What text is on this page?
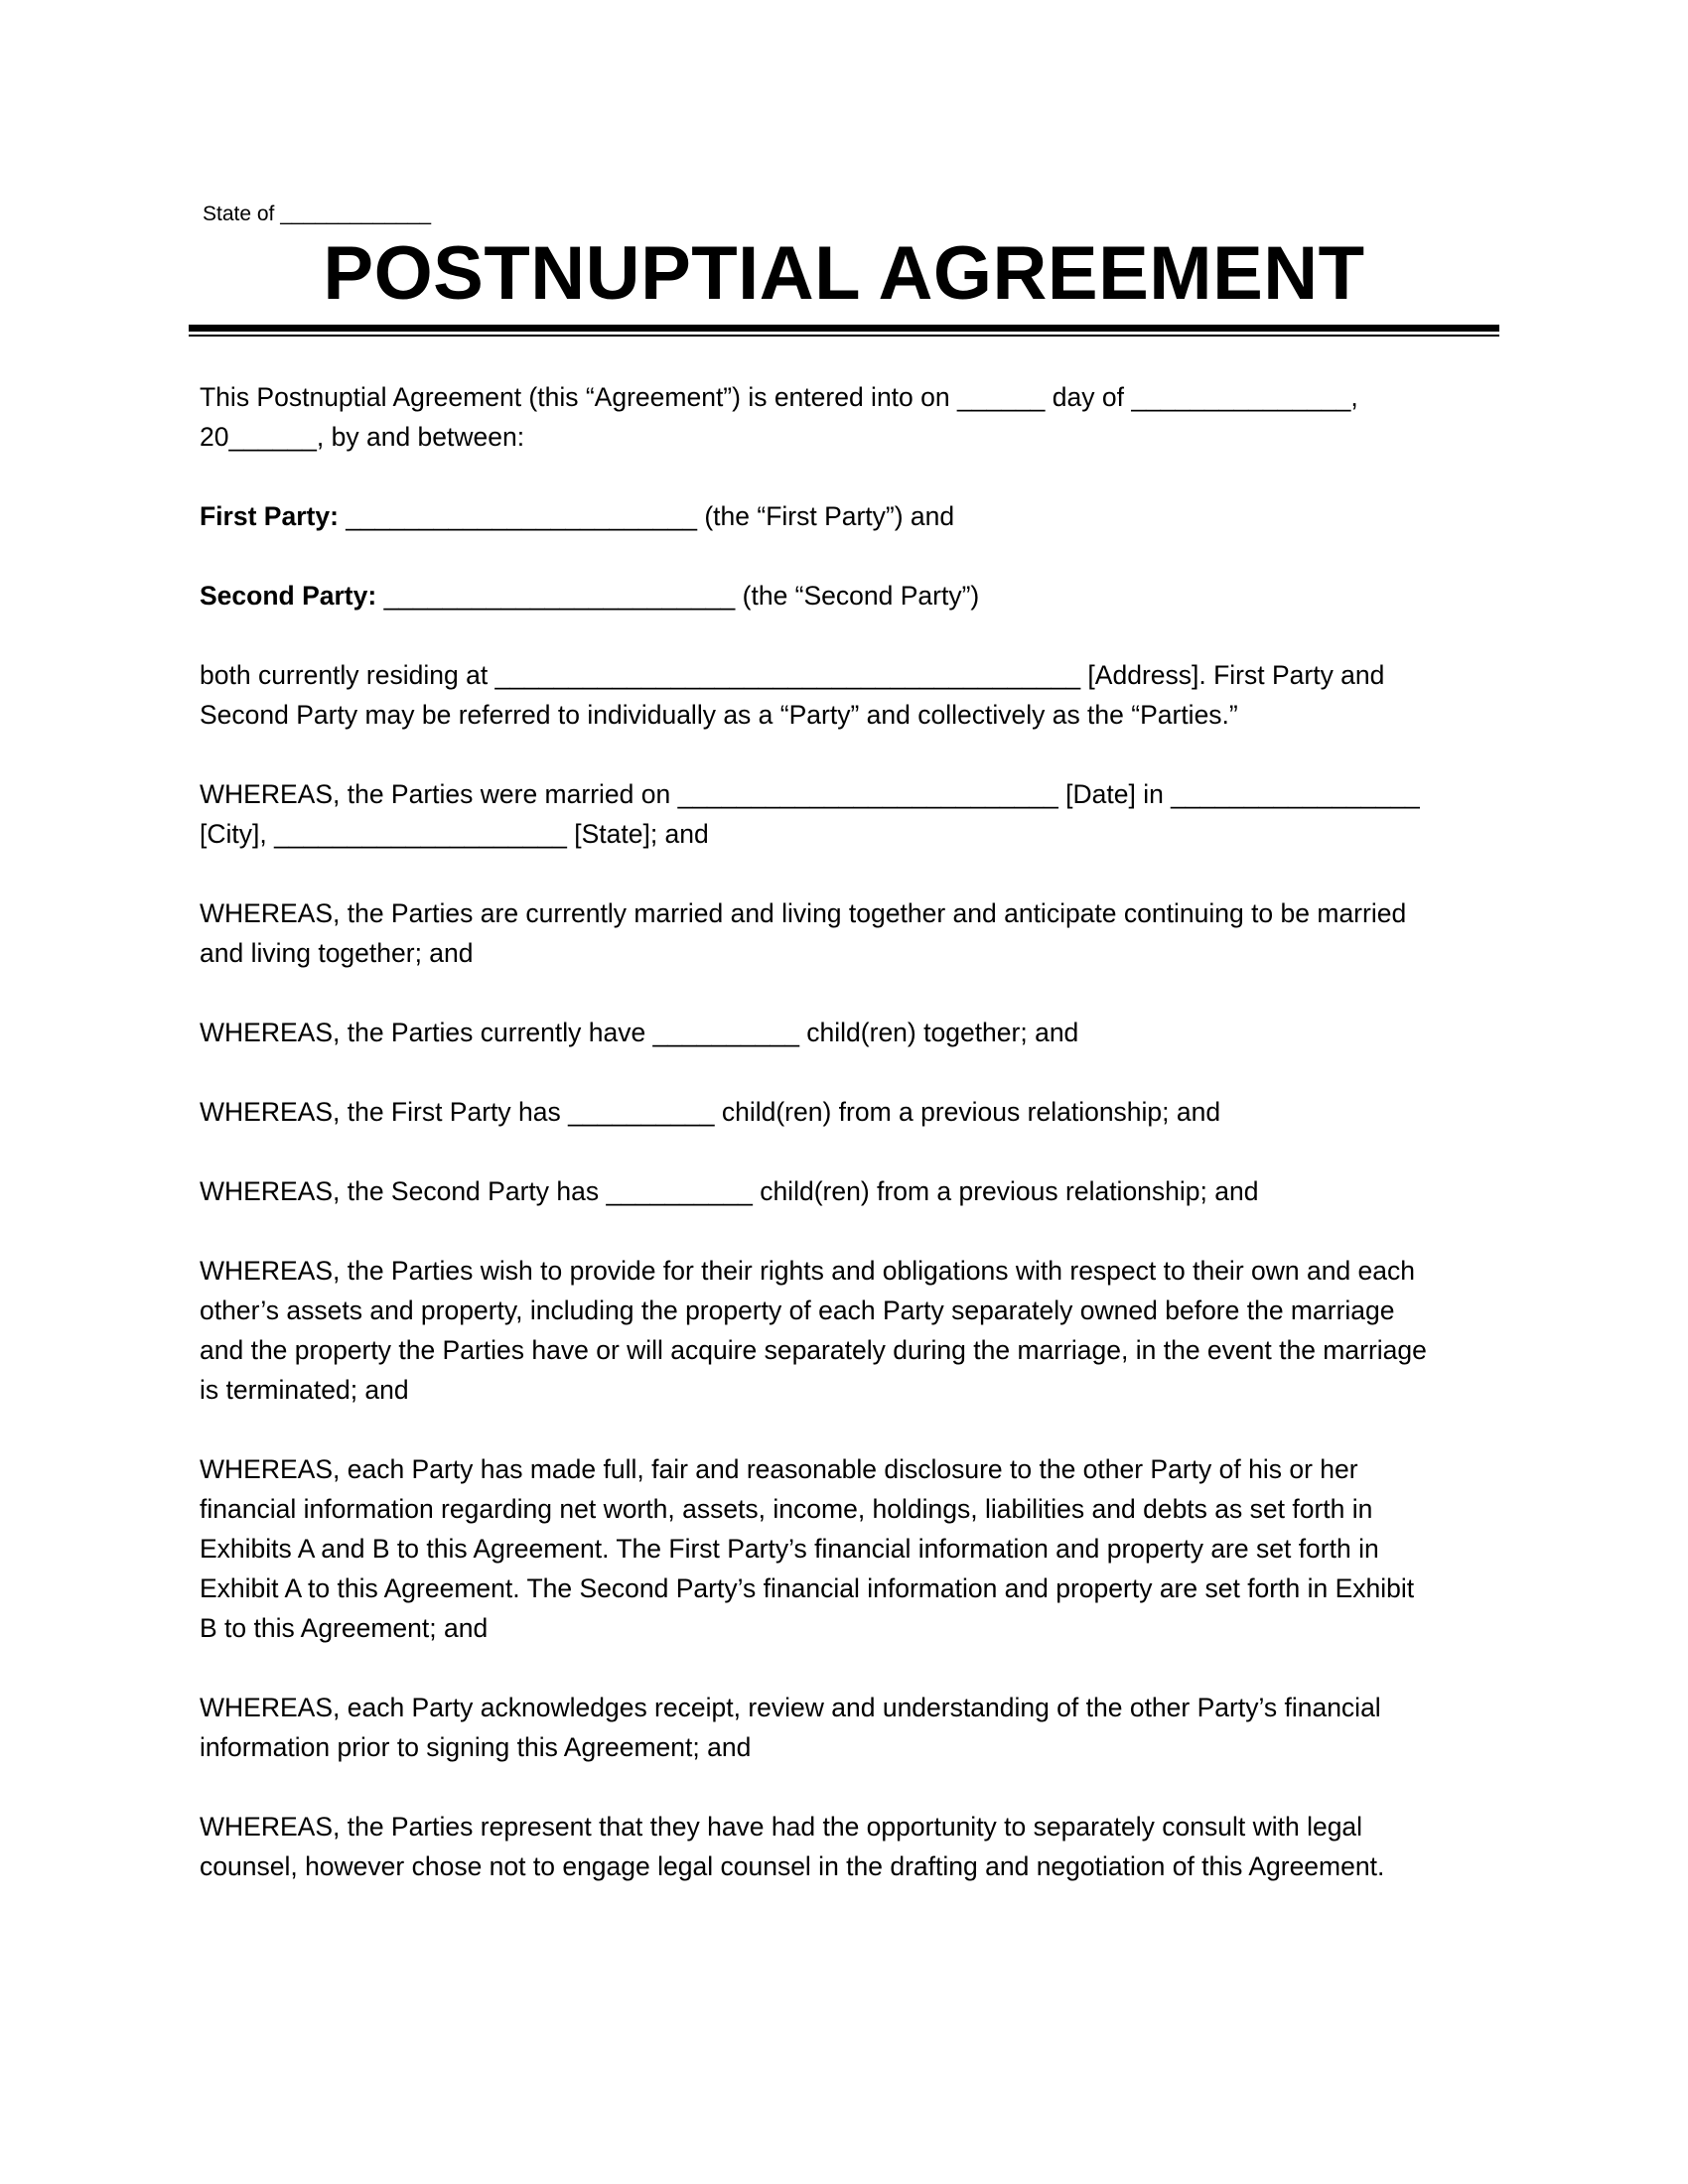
State of _____________
POSTNUPTIAL AGREEMENT

This Postnuptial Agreement (this “Agreement”) is entered into on ______ day of _______________,
20______, by and between:

First Party: ________________________ (the “First Party”) and

Second Party: ________________________ (the “Second Party”)

both currently residing at ________________________________________ [Address]. First Party and
Second Party may be referred to individually as a “Party” and collectively as the “Parties.”

WHEREAS, the Parties were married on __________________________ [Date] in _________________
[City], ____________________ [State]; and

WHEREAS, the Parties are currently married and living together and anticipate continuing to be married
and living together; and

WHEREAS, the Parties currently have __________ child(ren) together; and

WHEREAS, the First Party has __________ child(ren) from a previous relationship; and

WHEREAS, the Second Party has __________ child(ren) from a previous relationship; and

WHEREAS, the Parties wish to provide for their rights and obligations with respect to their own and each
other’s assets and property, including the property of each Party separately owned before the marriage
and the property the Parties have or will acquire separately during the marriage, in the event the marriage
is terminated; and

WHEREAS, each Party has made full, fair and reasonable disclosure to the other Party of his or her
financial information regarding net worth, assets, income, holdings, liabilities and debts as set forth in
Exhibits A and B to this Agreement. The First Party’s financial information and property are set forth in
Exhibit A to this Agreement. The Second Party’s financial information and property are set forth in Exhibit
B to this Agreement; and

WHEREAS, each Party acknowledges receipt, review and understanding of the other Party’s financial
information prior to signing this Agreement; and

WHEREAS, the Parties represent that they have had the opportunity to separately consult with legal
counsel, however chose not to engage legal counsel in the drafting and negotiation of this Agreement.
